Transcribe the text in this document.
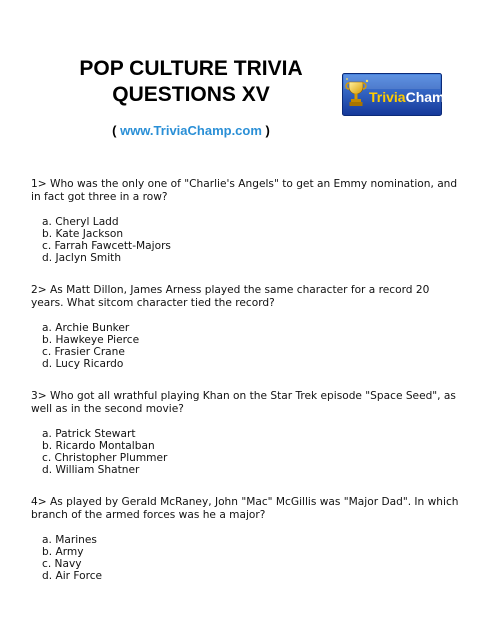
POP CULTURE TRIVIA
QUESTIONS XV	TriviaChamp
( www.TriviaChamp.com )

1> Who was the only one of "Charlie's Angels" to get an Emmy nomination, and in fact got three in a row?

a. Cheryl Ladd
b. Kate Jackson
c. Farrah Fawcett-Majors
d. Jaclyn Smith

2> As Matt Dillon, James Arness played the same character for a record 20 years. What sitcom character tied the record?

a. Archie Bunker
b. Hawkeye Pierce
c. Frasier Crane
d. Lucy Ricardo

3> Who got all wrathful playing Khan on the Star Trek episode "Space Seed", as well as in the second movie?

a. Patrick Stewart
b. Ricardo Montalban
c. Christopher Plummer
d. William Shatner

4> As played by Gerald McRaney, John "Mac" McGillis was "Major Dad". In which branch of the armed forces was he a major?

a. Marines
b. Army
c. Navy
d. Air Force
